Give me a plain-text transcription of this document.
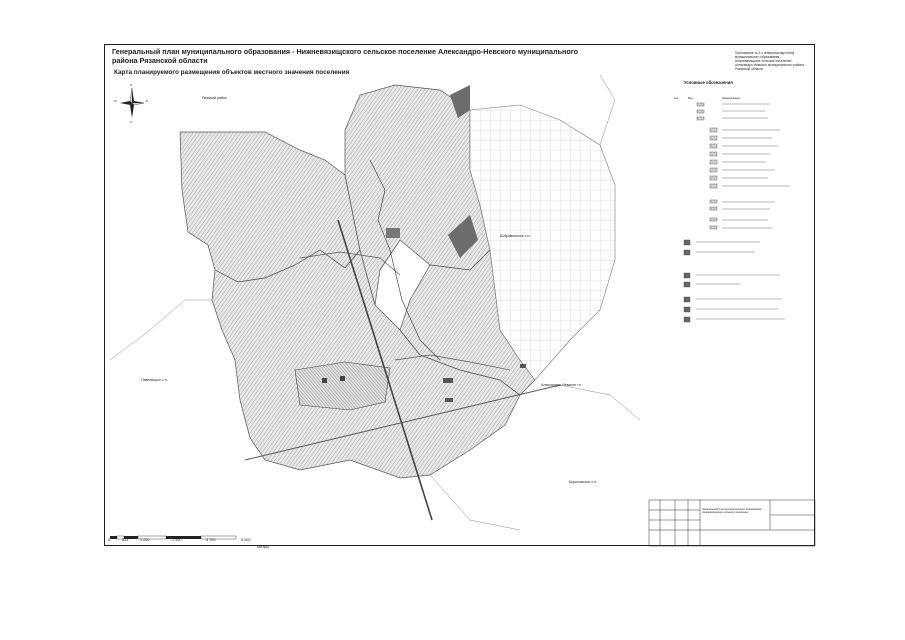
Генеральный план муниципального образования - Нижневязищского сельское поселение Александро-Невского муниципального района Рязанской области
Карта планируемого размещения объектов местного значения поселения
Приложение № 1 к генеральному плану муниципального образования - Нижневязищское сельское поселение Александро-Невского муниципального района Рязанской области
N
S
E
W
Ряжский район
Павелецкое с.п.
Бобровинское с.п.
Александро-Невское г.п.
Борисовское с.п.
Условные обозначения
Код	Вид	Наименование
0	625	1 250	2 500	3 750	5 000
Метры
Генеральный план муниципального образования - Нижневязищское сельское поселение
